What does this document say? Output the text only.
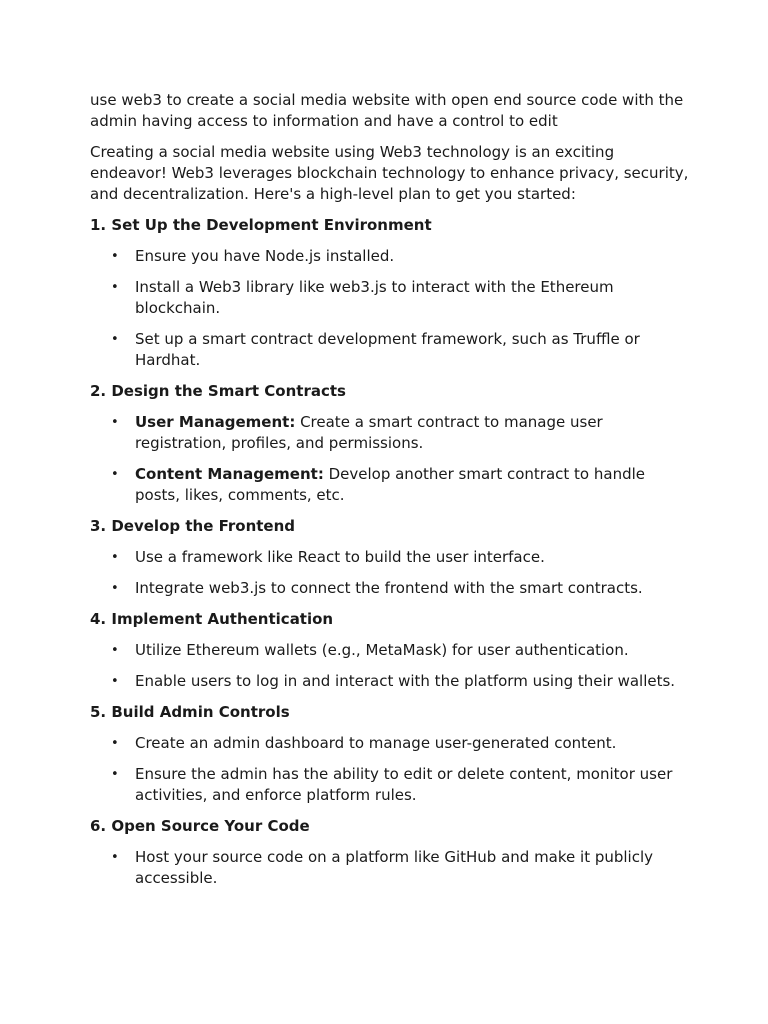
use web3 to create a social media website with open end source code with the admin having access to information and have a control to edit

Creating a social media website using Web3 technology is an exciting endeavor! Web3 leverages blockchain technology to enhance privacy, security, and decentralization. Here's a high-level plan to get you started:

1. Set Up the Development Environment

• Ensure you have Node.js installed.
• Install a Web3 library like web3.js to interact with the Ethereum blockchain.
• Set up a smart contract development framework, such as Truffle or Hardhat.

2. Design the Smart Contracts

• User Management: Create a smart contract to manage user registration, profiles, and permissions.
• Content Management: Develop another smart contract to handle posts, likes, comments, etc.

3. Develop the Frontend

• Use a framework like React to build the user interface.
• Integrate web3.js to connect the frontend with the smart contracts.

4. Implement Authentication

• Utilize Ethereum wallets (e.g., MetaMask) for user authentication.
• Enable users to log in and interact with the platform using their wallets.

5. Build Admin Controls

• Create an admin dashboard to manage user-generated content.
• Ensure the admin has the ability to edit or delete content, monitor user activities, and enforce platform rules.

6. Open Source Your Code

• Host your source code on a platform like GitHub and make it publicly accessible.
